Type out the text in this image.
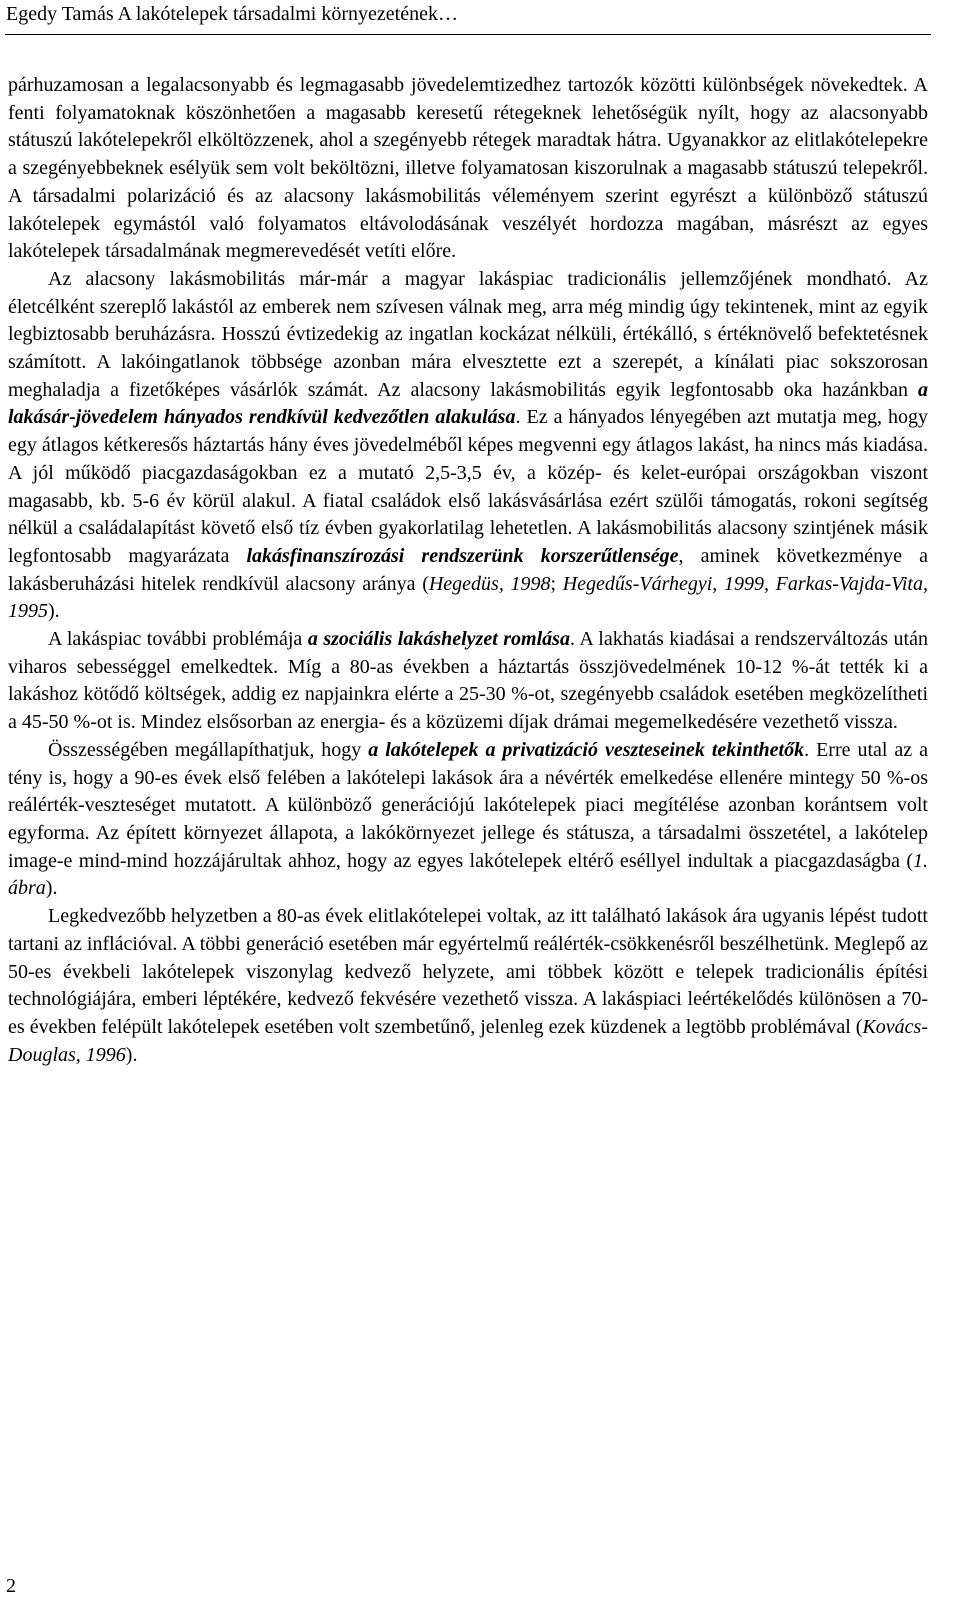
Egedy Tamás A lakótelepek társadalmi környezetének…

párhuzamosan a legalacsonyabb és legmagasabb jövedelemtizedhez tartozók közötti különbségek növekedtek. A fenti folyamatoknak köszönhetően a magasabb keresetű rétegeknek lehetőségük nyílt, hogy az alacsonyabb státuszú lakótelepekről elköltözzenek, ahol a szegényebb rétegek maradtak hátra. Ugyanakkor az elitlakótelepekre a szegényebbeknek esélyük sem volt beköltözni, illetve folyamatosan kiszorulnak a magasabb státuszú telepekről. A társadalmi polarizáció és az alacsony lakásmobilitás véleményem szerint egyrészt a különböző státuszú lakótelepek egymástól való folyamatos eltávolodásának veszélyét hordozza magában, másrészt az egyes lakótelepek társadalmának megmerevedését vetíti előre.

Az alacsony lakásmobilitás már-már a magyar lakáspiac tradicionális jellemzőjének mondható. Az életcélként szereplő lakástól az emberek nem szívesen válnak meg, arra még mindig úgy tekintenek, mint az egyik legbiztosabb beruházásra. Hosszú évtizedekig az ingatlan kockázat nélküli, értékálló, s értéknövelő befektetésnek számított. A lakóingatlanok többsége azonban mára elvesztette ezt a szerepét, a kínálati piac sokszorosan meghaladja a fizetőképes vásárlók számát. Az alacsony lakásmobilitás egyik legfontosabb oka hazánkban a lakásár-jövedelem hányados rendkívül kedvezőtlen alakulása. Ez a hányados lényegében azt mutatja meg, hogy egy átlagos kétkeresős háztartás hány éves jövedelméből képes megvenni egy átlagos lakást, ha nincs más kiadása. A jól működő piacgazdaságokban ez a mutató 2,5-3,5 év, a közép- és kelet-európai országokban viszont magasabb, kb. 5-6 év körül alakul. A fiatal családok első lakásvásárlása ezért szülői támogatás, rokoni segítség nélkül a családalapítást követő első tíz évben gyakorlatilag lehetetlen. A lakásmobilitás alacsony szintjének másik legfontosabb magyarázata lakásfinanszírozási rendszerünk korszerűtlensége, aminek következménye a lakásberuházási hitelek rendkívül alacsony aránya (Hegedüs, 1998; Hegedűs-Várhegyi, 1999, Farkas-Vajda-Vita, 1995).

A lakáspiac további problémája a szociális lakáshelyzet romlása. A lakhatás kiadásai a rendszerváltozás után viharos sebességgel emelkedtek. Míg a 80-as években a háztartás összjövedelmének 10-12 %-át tették ki a lakáshoz kötődő költségek, addig ez napjainkra elérte a 25-30 %-ot, szegényebb családok esetében megközelítheti a 45-50 %-ot is. Mindez elsősorban az energia- és a közüzemi díjak drámai megemelkedésére vezethető vissza.

Összességében megállapíthatjuk, hogy a lakótelepek a privatizáció veszteseinek tekinthetők. Erre utal az a tény is, hogy a 90-es évek első felében a lakótelepi lakások ára a névérték emelkedése ellenére mintegy 50 %-os reálérték-veszteséget mutatott. A különböző generációjú lakótelepek piaci megítélése azonban korántsem volt egyforma. Az épített környezet állapota, a lakókörnyezet jellege és státusza, a társadalmi összetétel, a lakótelep image-e mind-mind hozzájárultak ahhoz, hogy az egyes lakótelepek eltérő eséllyel indultak a piacgazdaságba (1. ábra).

Legkedvezőbb helyzetben a 80-as évek elitlakótelepei voltak, az itt található lakások ára ugyanis lépést tudott tartani az inflációval. A többi generáció esetében már egyértelmű reálérték-csökkenésről beszélhetünk. Meglepő az 50-es évekbeli lakótelepek viszonylag kedvező helyzete, ami többek között e telepek tradicionális építési technológiájára, emberi léptékére, kedvező fekvésére vezethető vissza. A lakáspiaci leértékelődés különösen a 70-es években felépült lakótelepek esetében volt szembetűnő, jelenleg ezek küzdenek a legtöbb problémával (Kovács-Douglas, 1996).

2
